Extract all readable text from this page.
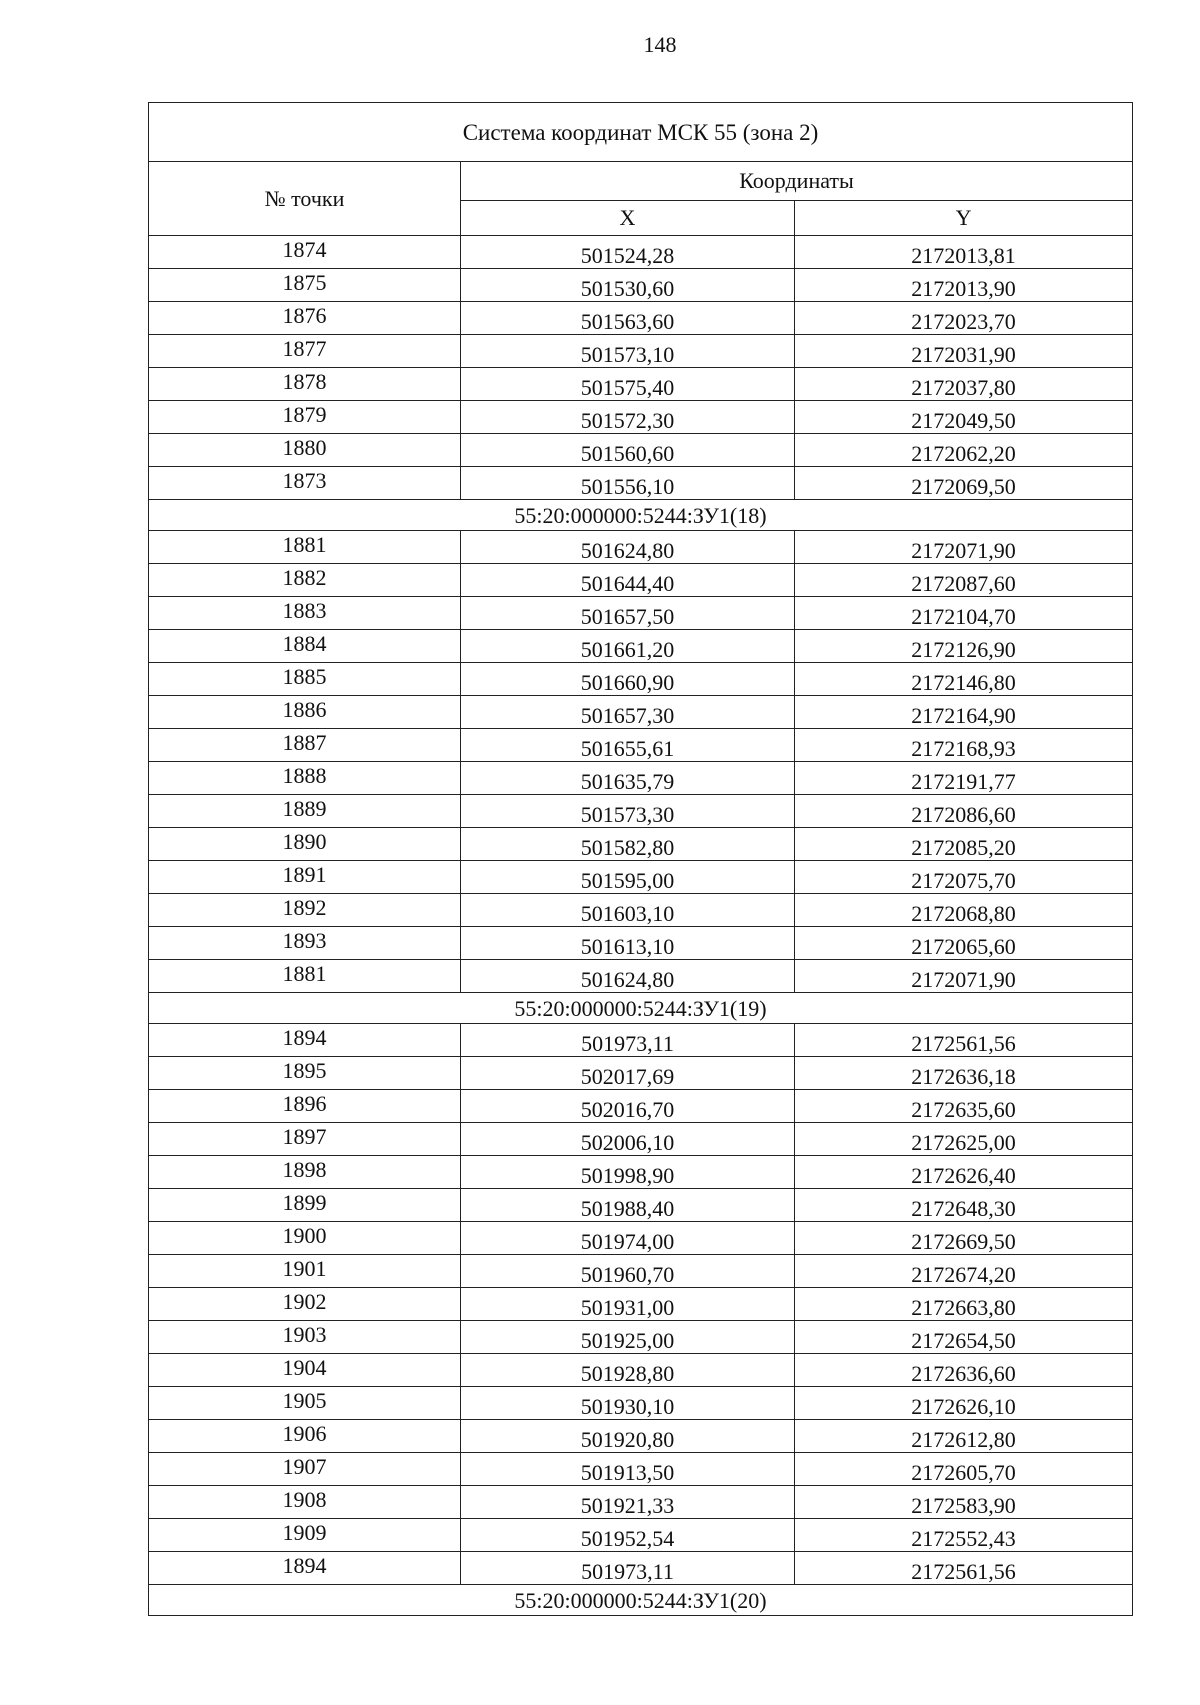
148
Система координат МСК 55 (зона 2)		
№ точки	Координаты	
	X	Y
1874	501524,28	2172013,81
1875	501530,60	2172013,90
1876	501563,60	2172023,70
1877	501573,10	2172031,90
1878	501575,40	2172037,80
1879	501572,30	2172049,50
1880	501560,60	2172062,20
1873	501556,10	2172069,50
55:20:000000:5244:ЗУ1(18)		
1881	501624,80	2172071,90
1882	501644,40	2172087,60
1883	501657,50	2172104,70
1884	501661,20	2172126,90
1885	501660,90	2172146,80
1886	501657,30	2172164,90
1887	501655,61	2172168,93
1888	501635,79	2172191,77
1889	501573,30	2172086,60
1890	501582,80	2172085,20
1891	501595,00	2172075,70
1892	501603,10	2172068,80
1893	501613,10	2172065,60
1881	501624,80	2172071,90
55:20:000000:5244:ЗУ1(19)		
1894	501973,11	2172561,56
1895	502017,69	2172636,18
1896	502016,70	2172635,60
1897	502006,10	2172625,00
1898	501998,90	2172626,40
1899	501988,40	2172648,30
1900	501974,00	2172669,50
1901	501960,70	2172674,20
1902	501931,00	2172663,80
1903	501925,00	2172654,50
1904	501928,80	2172636,60
1905	501930,10	2172626,10
1906	501920,80	2172612,80
1907	501913,50	2172605,70
1908	501921,33	2172583,90
1909	501952,54	2172552,43
1894	501973,11	2172561,56
55:20:000000:5244:ЗУ1(20)		
